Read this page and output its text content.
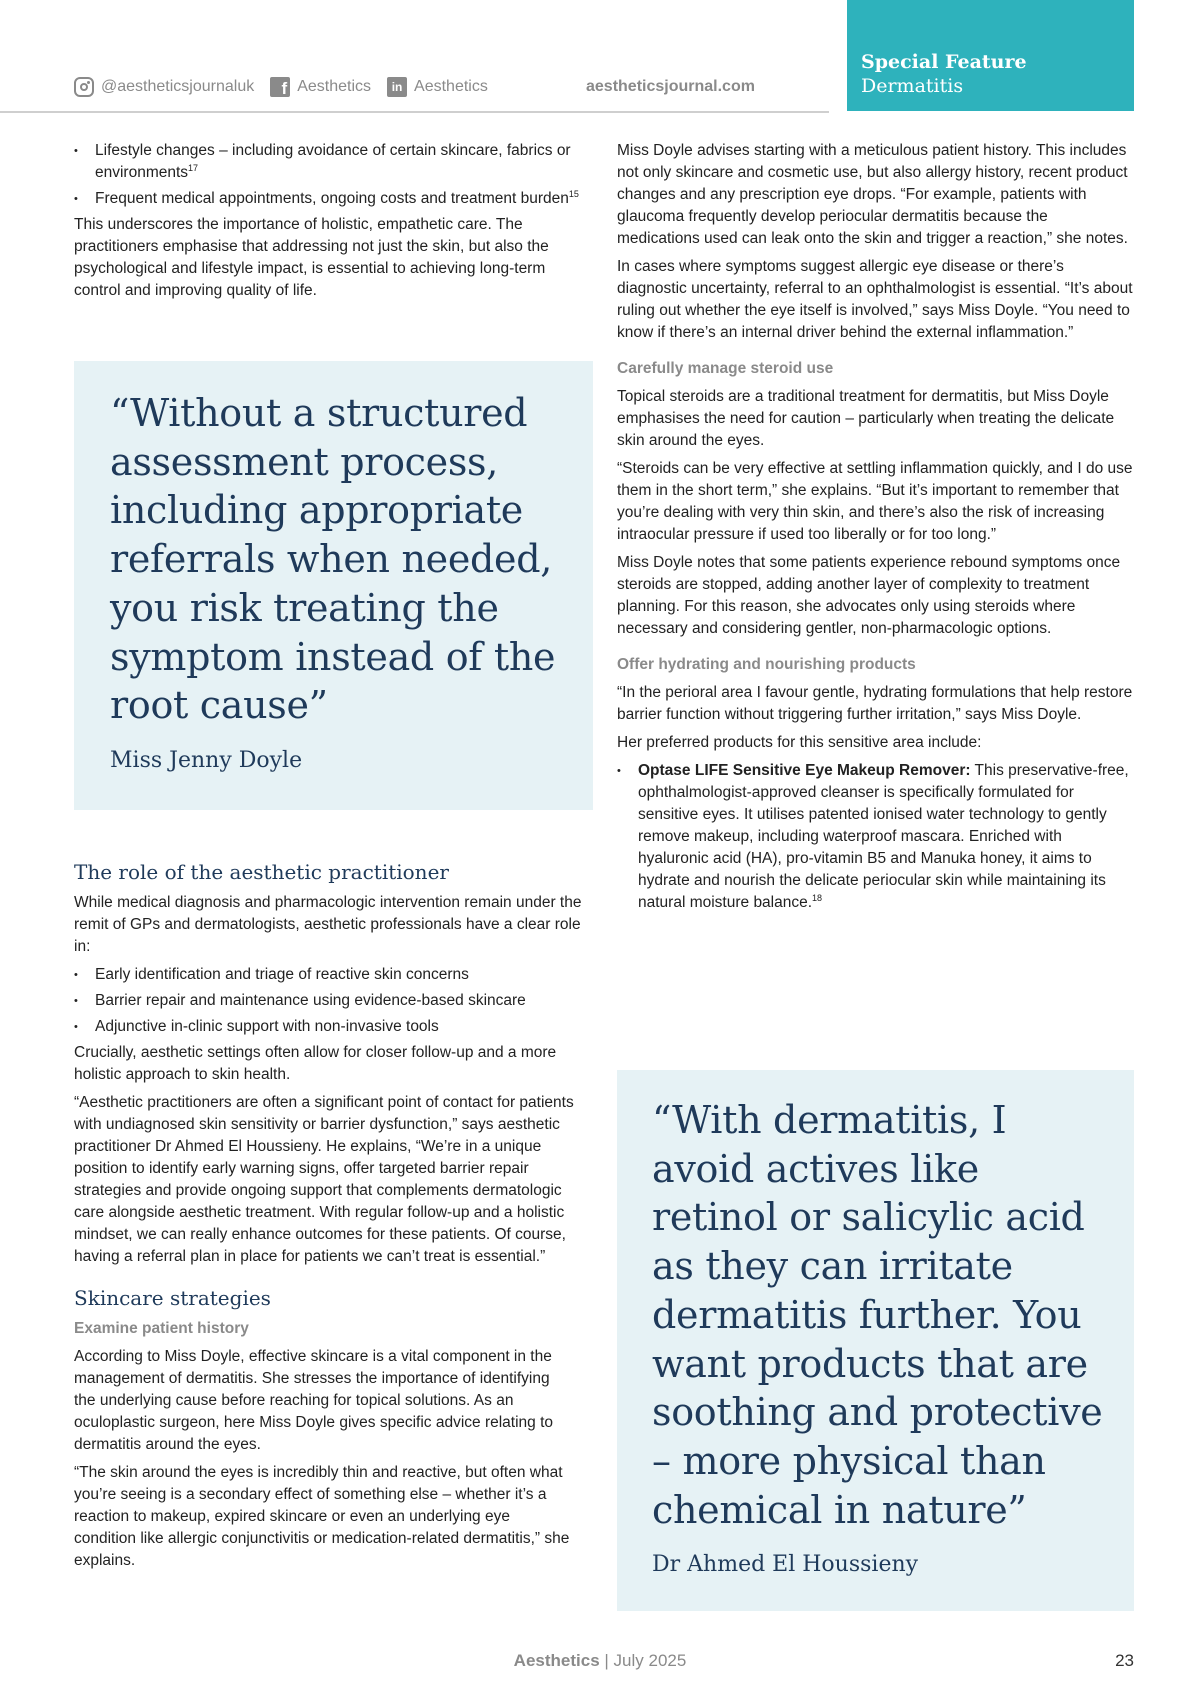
@aestheticsjournaluk	f Aesthetics	in Aesthetics	aestheticsjournal.com
Special Feature
Dermatitis
• Lifestyle changes – including avoidance of certain skincare, fabrics or environments$^{17}$
• Frequent medical appointments, ongoing costs and treatment burden$^{15}$

This underscores the importance of holistic, empathetic care. The practitioners emphasise that addressing not just the skin, but also the psychological and lifestyle impact, is essential to achieving long-term control and improving quality of life.

“Without a structured assessment process, including appropriate referrals when needed, you risk treating the symptom instead of the root cause”
Miss Jenny Doyle
The role of the aesthetic practitioner

While medical diagnosis and pharmacologic intervention remain under the remit of GPs and dermatologists, aesthetic professionals have a clear role in:

• Early identification and triage of reactive skin concerns
• Barrier repair and maintenance using evidence-based skincare
• Adjunctive in-clinic support with non-invasive tools

Crucially, aesthetic settings often allow for closer follow-up and a more holistic approach to skin health.

“Aesthetic practitioners are often a significant point of contact for patients with undiagnosed skin sensitivity or barrier dysfunction,” says aesthetic practitioner Dr Ahmed El Houssieny. He explains, “We’re in a unique position to identify early warning signs, offer targeted barrier repair strategies and provide ongoing support that complements dermatologic care alongside aesthetic treatment. With regular follow-up and a holistic mindset, we can really enhance outcomes for these patients. Of course, having a referral plan in place for patients we can’t treat is essential.”

Skincare strategies
Examine patient history

According to Miss Doyle, effective skincare is a vital component in the management of dermatitis. She stresses the importance of identifying the underlying cause before reaching for topical solutions. As an oculoplastic surgeon, here Miss Doyle gives specific advice relating to dermatitis around the eyes.

“The skin around the eyes is incredibly thin and reactive, but often what you’re seeing is a secondary effect of something else – whether it’s a reaction to makeup, expired skincare or even an underlying eye condition like allergic conjunctivitis or medication-related dermatitis,” she explains.

Miss Doyle advises starting with a meticulous patient history. This includes not only skincare and cosmetic use, but also allergy history, recent product changes and any prescription eye drops. “For example, patients with glaucoma frequently develop periocular dermatitis because the medications used can leak onto the skin and trigger a reaction,” she notes.

In cases where symptoms suggest allergic eye disease or there’s diagnostic uncertainty, referral to an ophthalmologist is essential. “It’s about ruling out whether the eye itself is involved,” says Miss Doyle. “You need to know if there’s an internal driver behind the external inflammation.”

Carefully manage steroid use

Topical steroids are a traditional treatment for dermatitis, but Miss Doyle emphasises the need for caution – particularly when treating the delicate skin around the eyes.

“Steroids can be very effective at settling inflammation quickly, and I do use them in the short term,” she explains. “But it’s important to remember that you’re dealing with very thin skin, and there’s also the risk of increasing intraocular pressure if used too liberally or for too long.”

Miss Doyle notes that some patients experience rebound symptoms once steroids are stopped, adding another layer of complexity to treatment planning. For this reason, she advocates only using steroids where necessary and considering gentler, non-pharmacologic options.

Offer hydrating and nourishing products

“In the perioral area I favour gentle, hydrating formulations that help restore barrier function without triggering further irritation,” says Miss Doyle.

Her preferred products for this sensitive area include:

• Optase LIFE Sensitive Eye Makeup Remover: This preservative-free, ophthalmologist-approved cleanser is specifically formulated for sensitive eyes. It utilises patented ionised water technology to gently remove makeup, including waterproof mascara. Enriched with hyaluronic acid (HA), pro-vitamin B5 and Manuka honey, it aims to hydrate and nourish the delicate periocular skin while maintaining its natural moisture balance.$^{18}$
“With dermatitis, I avoid actives like retinol or salicylic acid as they can irritate dermatitis further. You want products that are soothing and protective – more physical than chemical in nature”
Dr Ahmed El Houssieny
Aesthetics | July 2025	23
